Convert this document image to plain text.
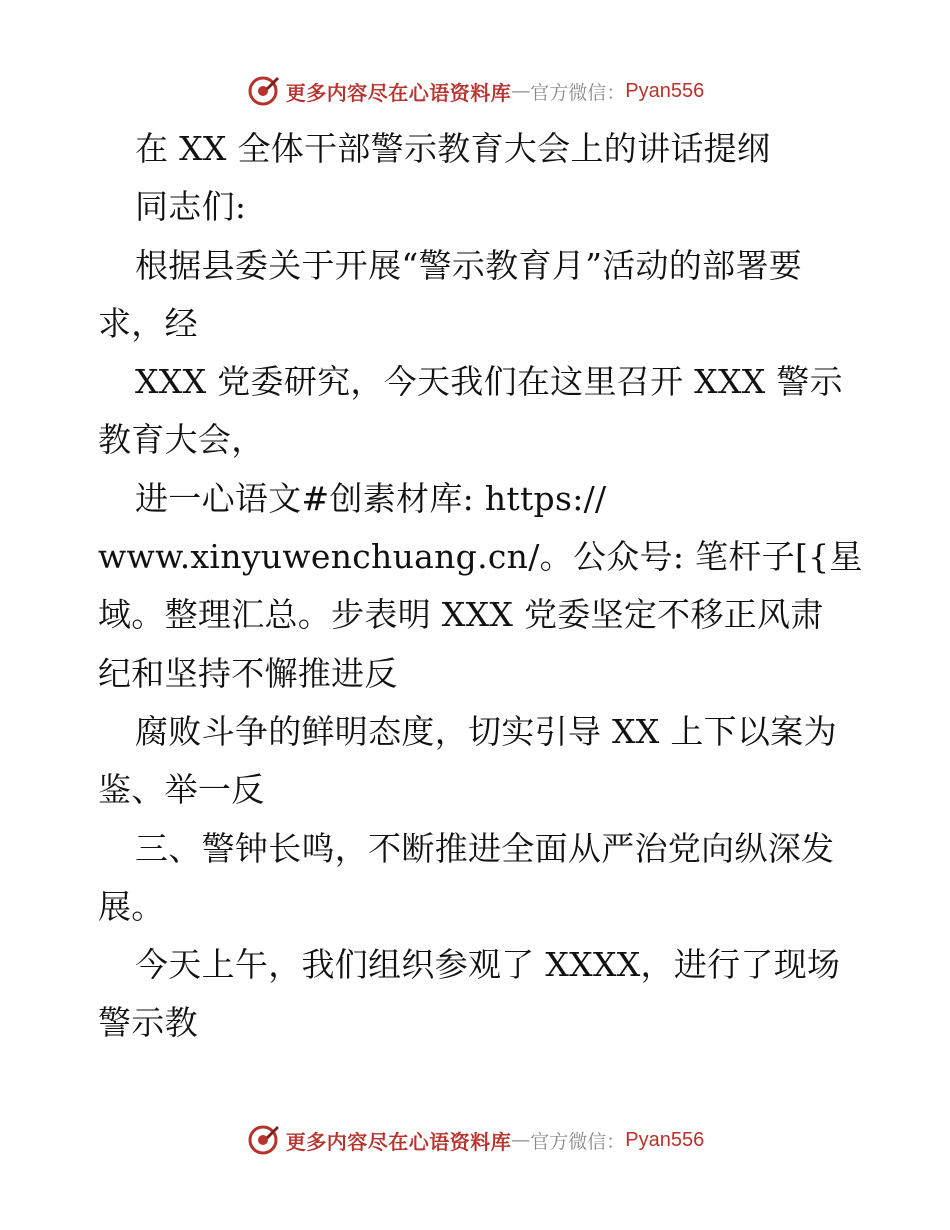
更多内容尽在心语资料库 — 官方微信： Pyan556
在 XX 全体干部警示教育大会上的讲话提纲
同志们:
根据县委关于开展“警示教育月”活动的部署要
求，经
XXX 党委研究，今天我们在这里召开 XXX 警示
教育大会，
进一心语文#创素材库: https://
www.xinyuwenchuang.cn/。公众号: 笔杆子[{星
域。整理汇总。步表明 XXX 党委坚定不移正风肃
纪和坚持不懈推进反
腐败斗争的鲜明态度，切实引导 XX 上下以案为
鉴、举一反
三、警钟长鸣，不断推进全面从严治党向纵深发
展。
今天上午，我们组织参观了 XXXX，进行了现场
警示教
更多内容尽在心语资料库 — 官方微信： Pyan556
